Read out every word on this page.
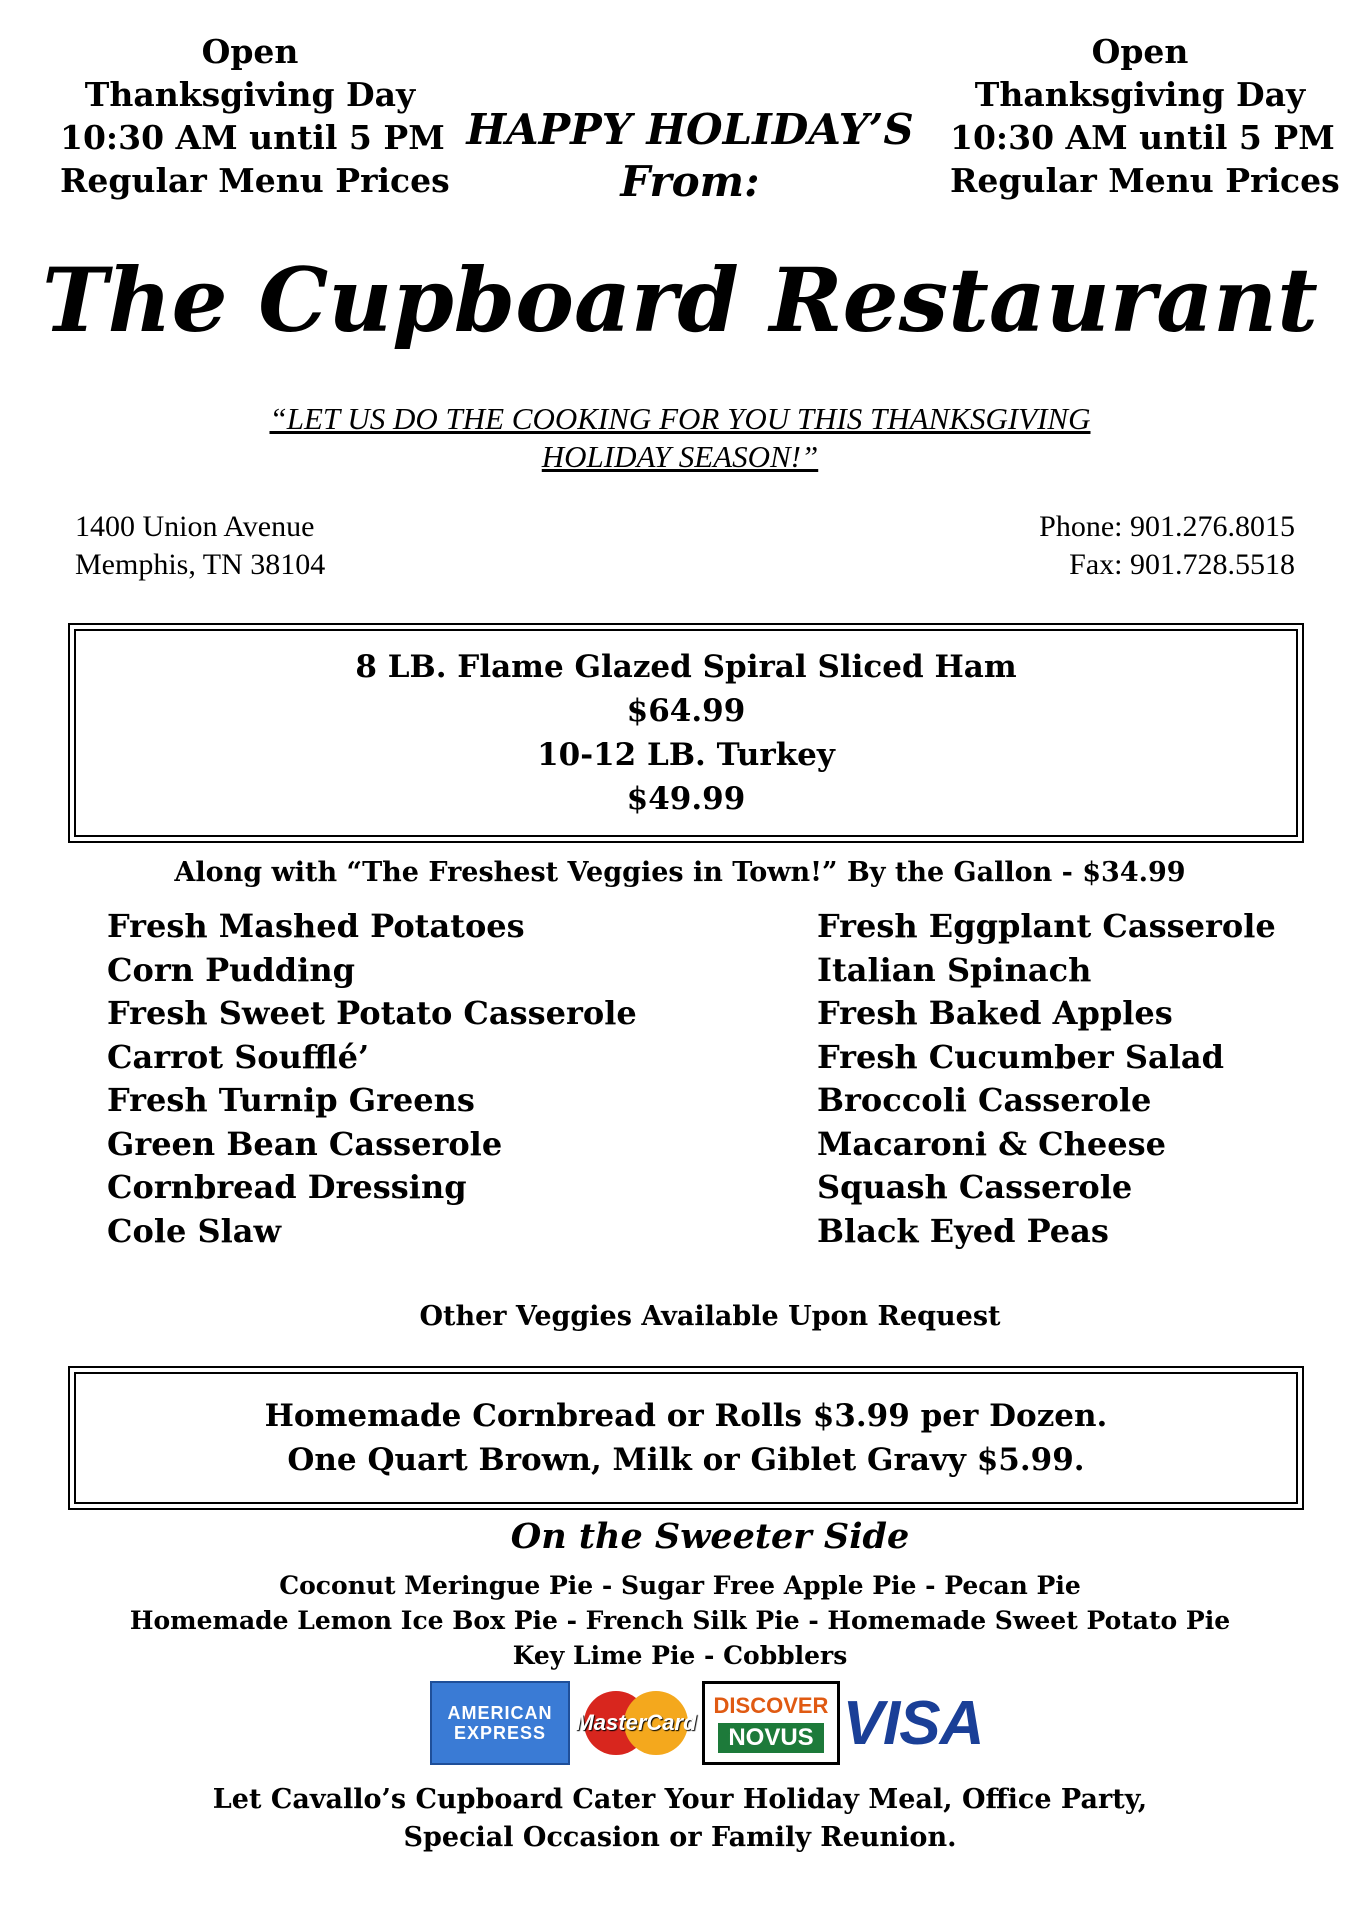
Open
Thanksgiving Day
10:30 AM until 5 PM
Regular Menu Prices
HAPPY HOLIDAY’S
From:
Open
Thanksgiving Day
10:30 AM until 5 PM
Regular Menu Prices
The Cupboard Restaurant
“LET US DO THE COOKING FOR YOU THIS THANKSGIVING
HOLIDAY SEASON!”
1400 Union Avenue
Memphis, TN 38104
Phone: 901.276.8015
Fax: 901.728.5518
8 LB. Flame Glazed Spiral Sliced Ham
$64.99
10-12 LB. Turkey
$49.99
Along with “The Freshest Veggies in Town!” By the Gallon - $34.99
Fresh Mashed Potatoes
Corn Pudding
Fresh Sweet Potato Casserole
Carrot Soufflé’
Fresh Turnip Greens
Green Bean Casserole
Cornbread Dressing
Cole Slaw
Fresh Eggplant Casserole
Italian Spinach
Fresh Baked Apples
Fresh Cucumber Salad
Broccoli Casserole
Macaroni & Cheese
Squash Casserole
Black Eyed Peas
Other Veggies Available Upon Request
Homemade Cornbread or Rolls $3.99 per Dozen.
One Quart Brown, Milk or Giblet Gravy $5.99.
On the Sweeter Side
Coconut Meringue Pie - Sugar Free Apple Pie - Pecan Pie
Homemade Lemon Ice Box Pie - French Silk Pie - Homemade Sweet Potato Pie
Key Lime Pie - Cobblers
AMERICAN
EXPRESS MasterCard
DISCOVER
NOVUS VISA
Let Cavallo’s Cupboard Cater Your Holiday Meal, Office Party,
Special Occasion or Family Reunion.
